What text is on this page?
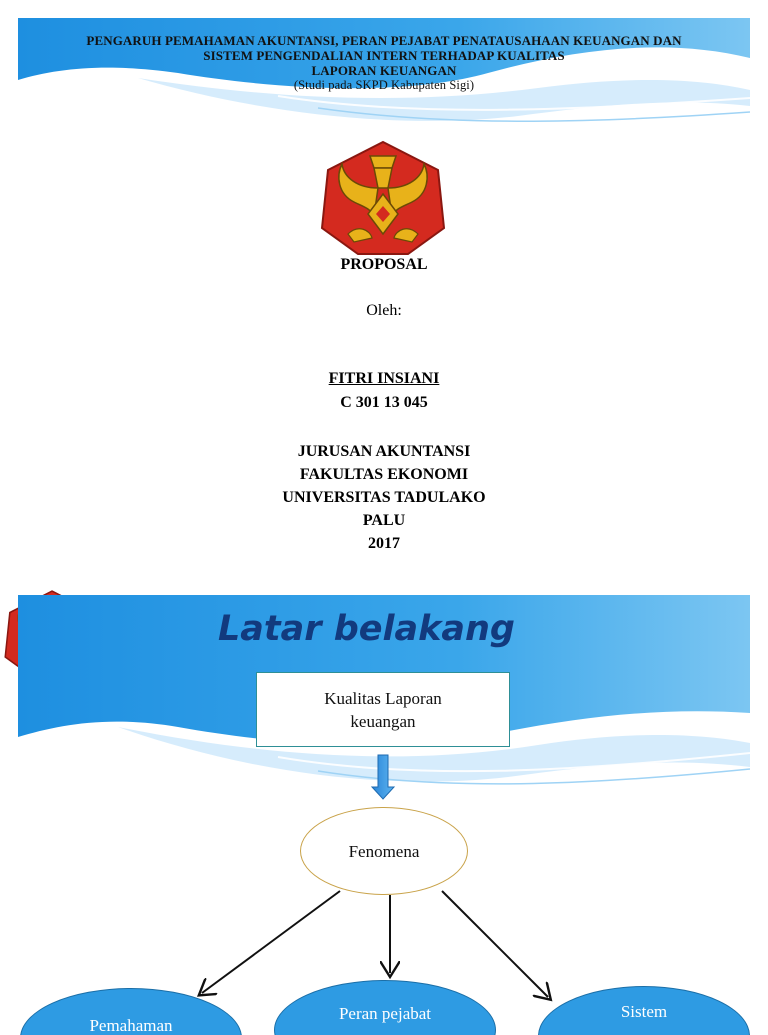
PENGARUH PEMAHAMAN AKUNTANSI, PERAN PEJABAT PENATAUSAHAAN KEUANGAN DAN
SISTEM PENGENDALIAN INTERN TERHADAP KUALITAS
LAPORAN KEUANGAN
(Studi pada SKPD Kabupaten Sigi)
PROPOSAL
Oleh:
FITRI INSIANI
C 301 13 045
JURUSAN AKUNTANSI
FAKULTAS EKONOMI
UNIVERSITAS TADULAKO
PALU
2017
Latar belakang
Kualitas Laporan
keuangan
Fenomena
Pemahaman
Peran pejabat	Sistem
